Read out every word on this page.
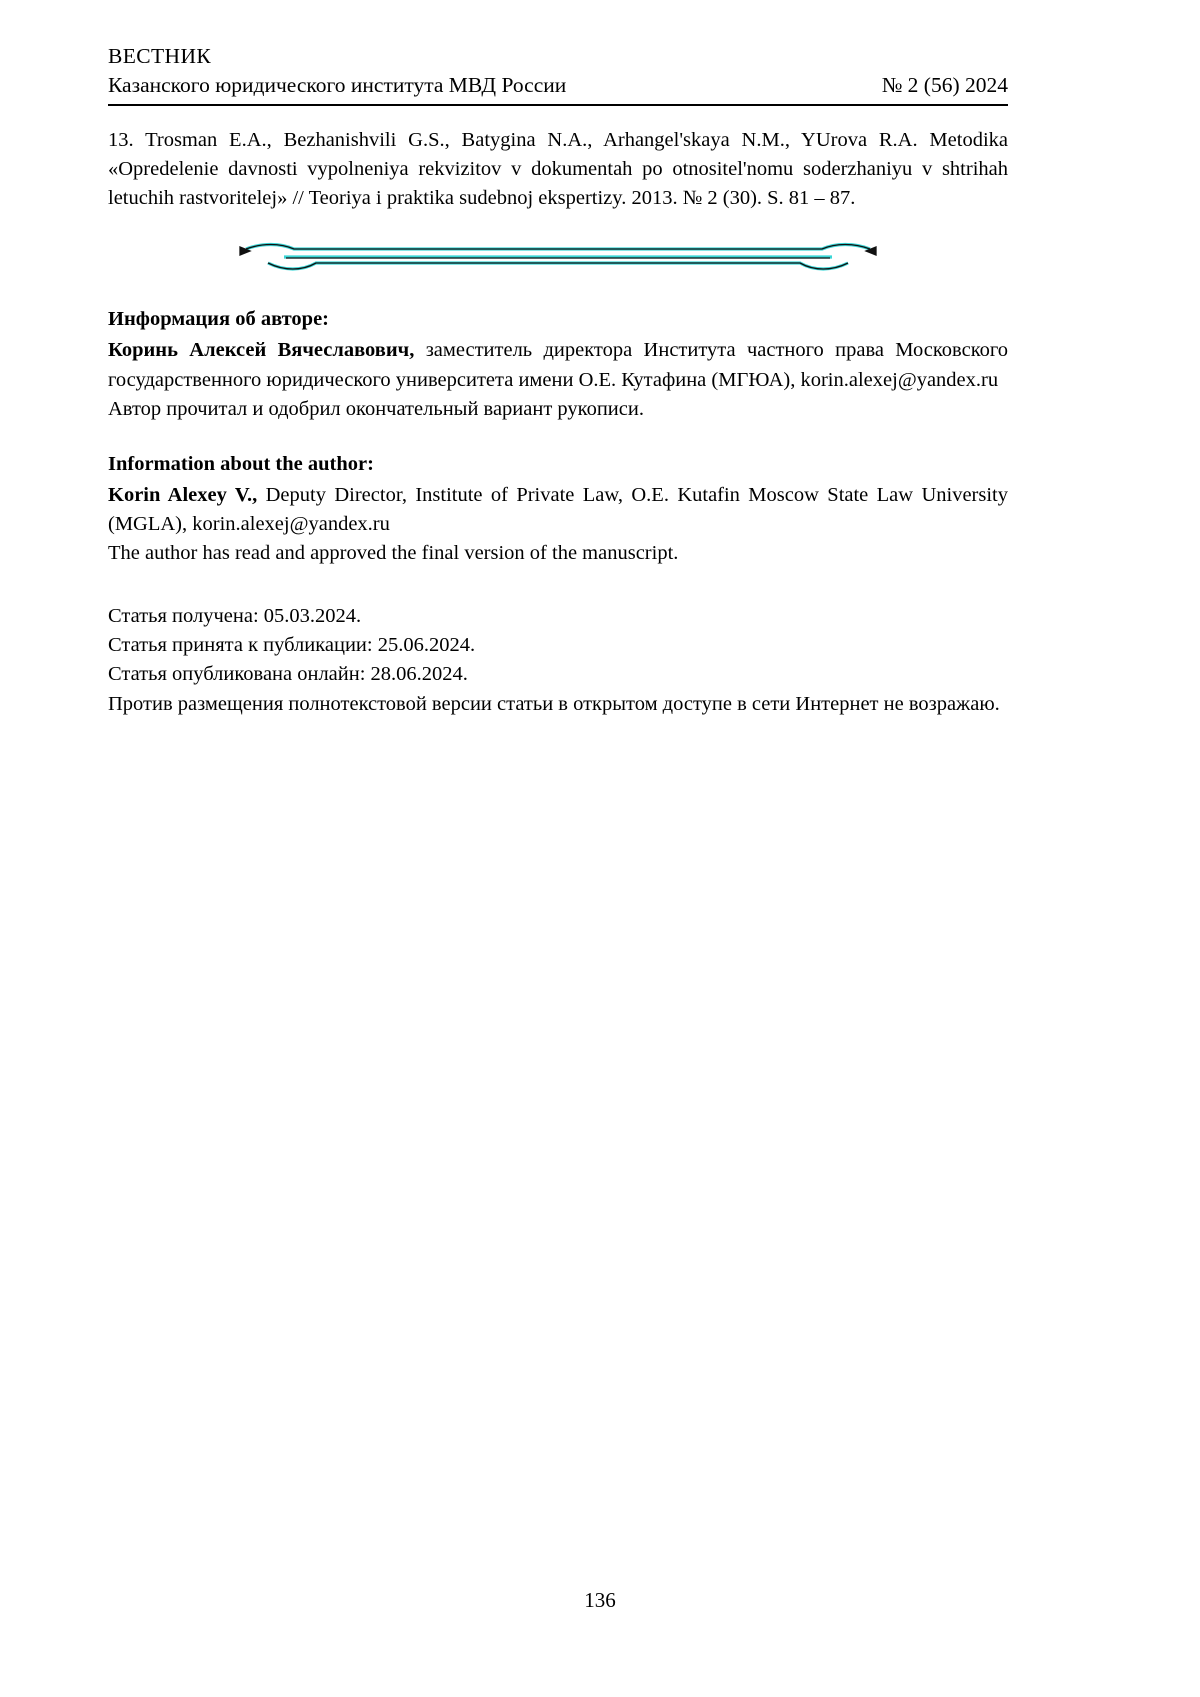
ВЕСТНИК
Казанского юридического института МВД России	№ 2 (56) 2024
13. Trosman E.A., Bezhanishvili G.S., Batygina N.A., Arhangel'skaya N.M., YUrova R.A. Metodika «Opredelenie davnosti vypolneniya rekvizitov v dokumentah po otnositel'nomu soderzhaniyu v shtrihah letuchih rastvoritelej» // Teoriya i praktika sudebnoj ekspertizy. 2013. № 2 (30). S. 81 – 87.
Информация об авторе:

Коринь Алексей Вячеславович, заместитель директора Института частного права Московского государственного юридического университета имени О.Е. Кутафина (МГЮА), korin.alexej@yandex.ru

Автор прочитал и одобрил окончательный вариант рукописи.

Information about the author:

Korin Alexey V., Deputy Director, Institute of Private Law, O.E. Kutafin Moscow State Law University (MGLA), korin.alexej@yandex.ru

The author has read and approved the final version of the manuscript.

Статья получена: 05.03.2024.

Статья принята к публикации: 25.06.2024.

Статья опубликована онлайн: 28.06.2024.

Против размещения полнотекстовой версии статьи в открытом доступе в сети Интернет не возражаю.

136
